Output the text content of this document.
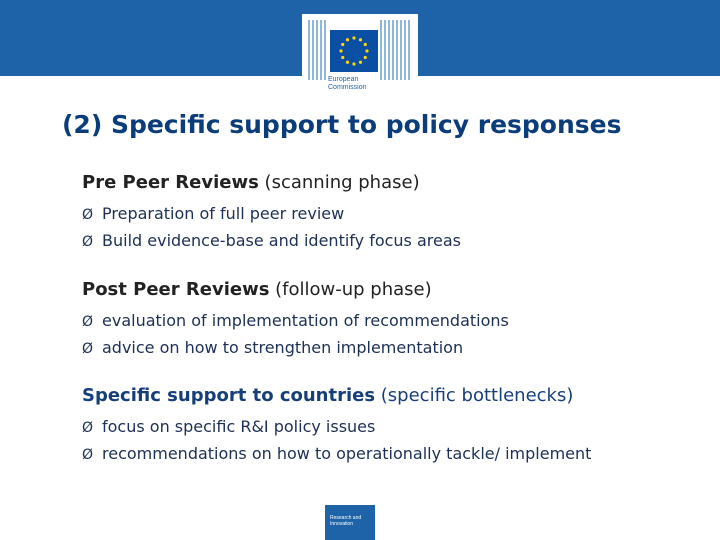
European
Commission
(2) Specific support to policy responses
Pre Peer Reviews (scanning phase)
Ø Preparation of full peer review
Ø Build evidence-base and identify focus areas
Post Peer Reviews (follow-up phase)
Ø evaluation of implementation of recommendations
Ø advice on how to strengthen implementation
Specific support to countries (specific bottlenecks)
Ø focus on specific R&I policy issues
Ø recommendations on how to operationally tackle/ implement
Research and
Innovation
